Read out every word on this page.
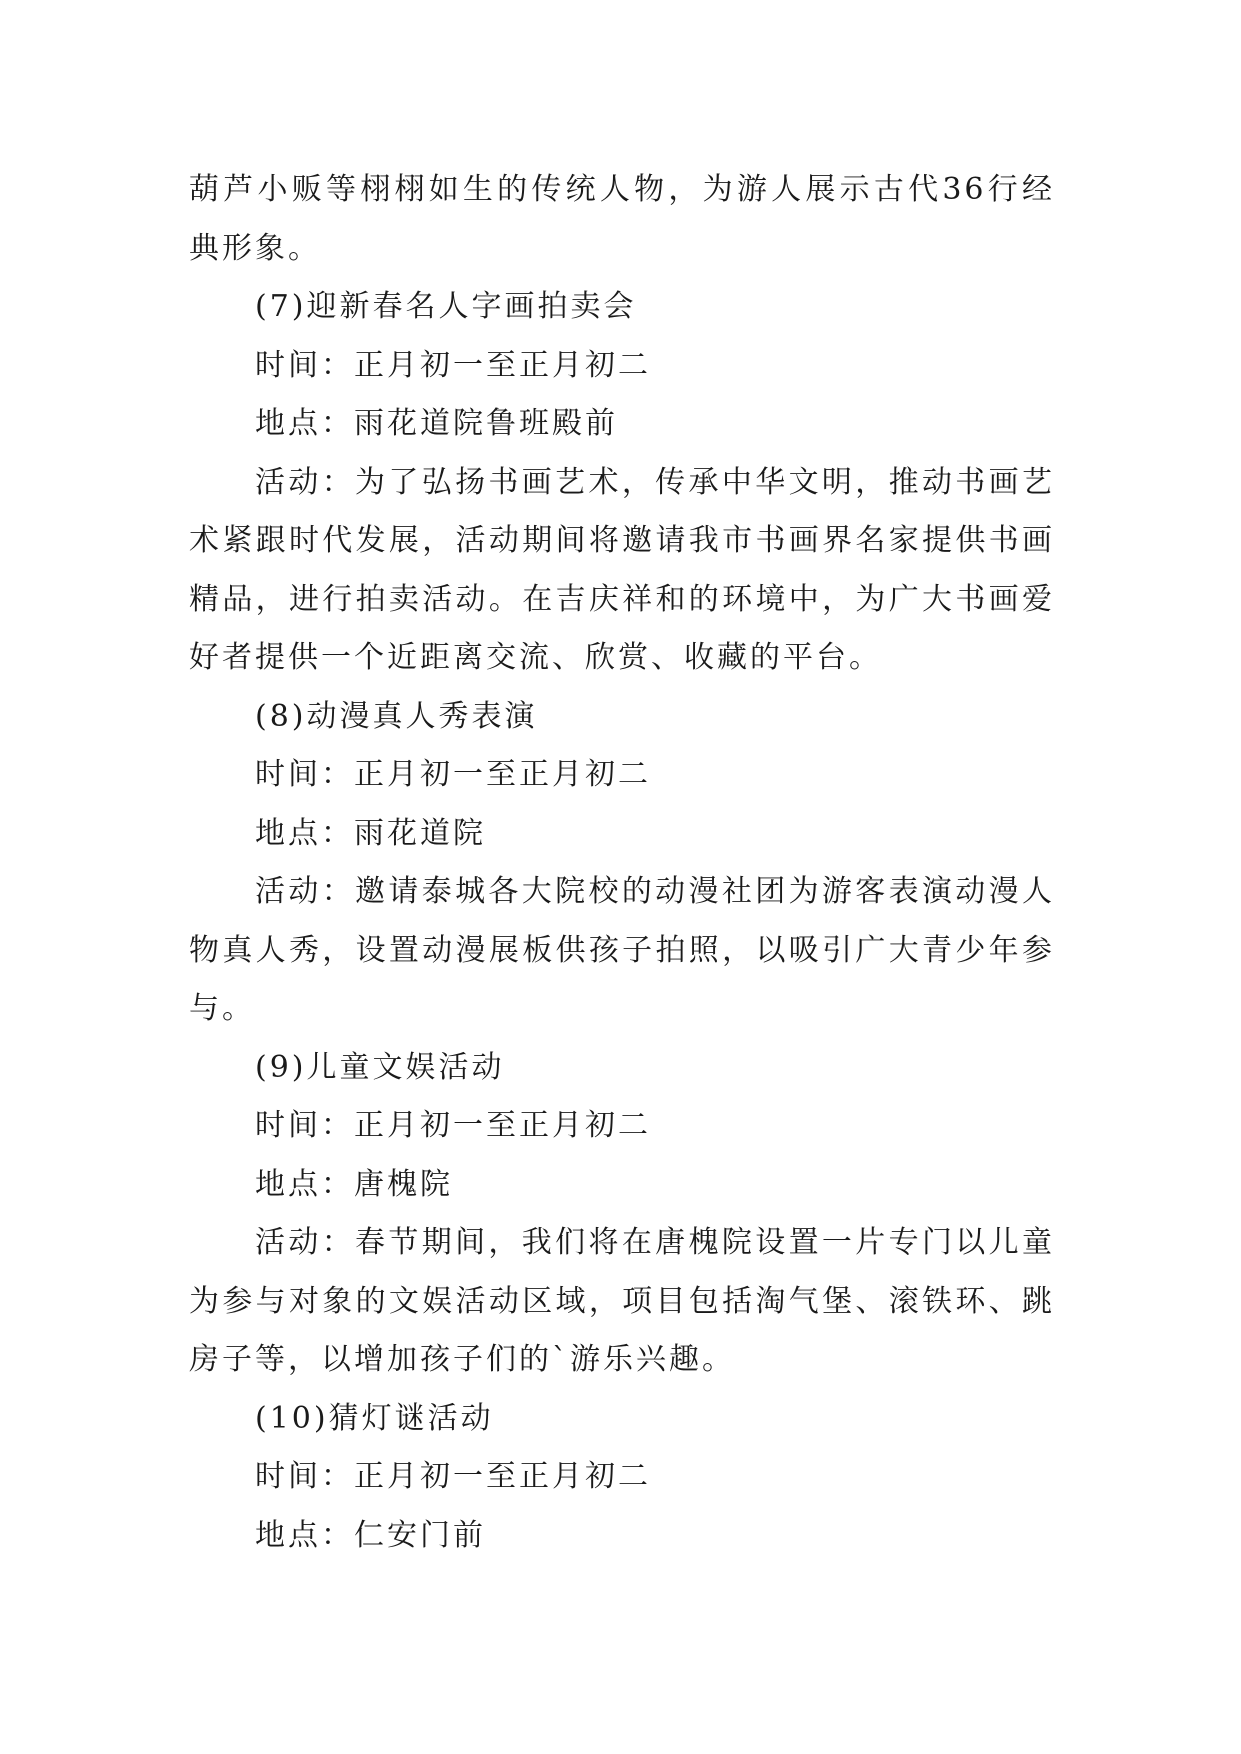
葫芦小贩等栩栩如生的传统人物，为游人展示古代36行经典形象。

(7)迎新春名人字画拍卖会

时间：正月初一至正月初二

地点：雨花道院鲁班殿前

活动：为了弘扬书画艺术，传承中华文明，推动书画艺术紧跟时代发展，活动期间将邀请我市书画界名家提供书画精品，进行拍卖活动。在吉庆祥和的环境中，为广大书画爱好者提供一个近距离交流、欣赏、收藏的平台。

(8)动漫真人秀表演

时间：正月初一至正月初二

地点：雨花道院

活动：邀请泰城各大院校的动漫社团为游客表演动漫人物真人秀，设置动漫展板供孩子拍照，以吸引广大青少年参与。

(9)儿童文娱活动

时间：正月初一至正月初二

地点：唐槐院

活动：春节期间，我们将在唐槐院设置一片专门以儿童为参与对象的文娱活动区域，项目包括淘气堡、滚铁环、跳房子等，以增加孩子们的`游乐兴趣。

(10)猜灯谜活动

时间：正月初一至正月初二

地点：仁安门前
